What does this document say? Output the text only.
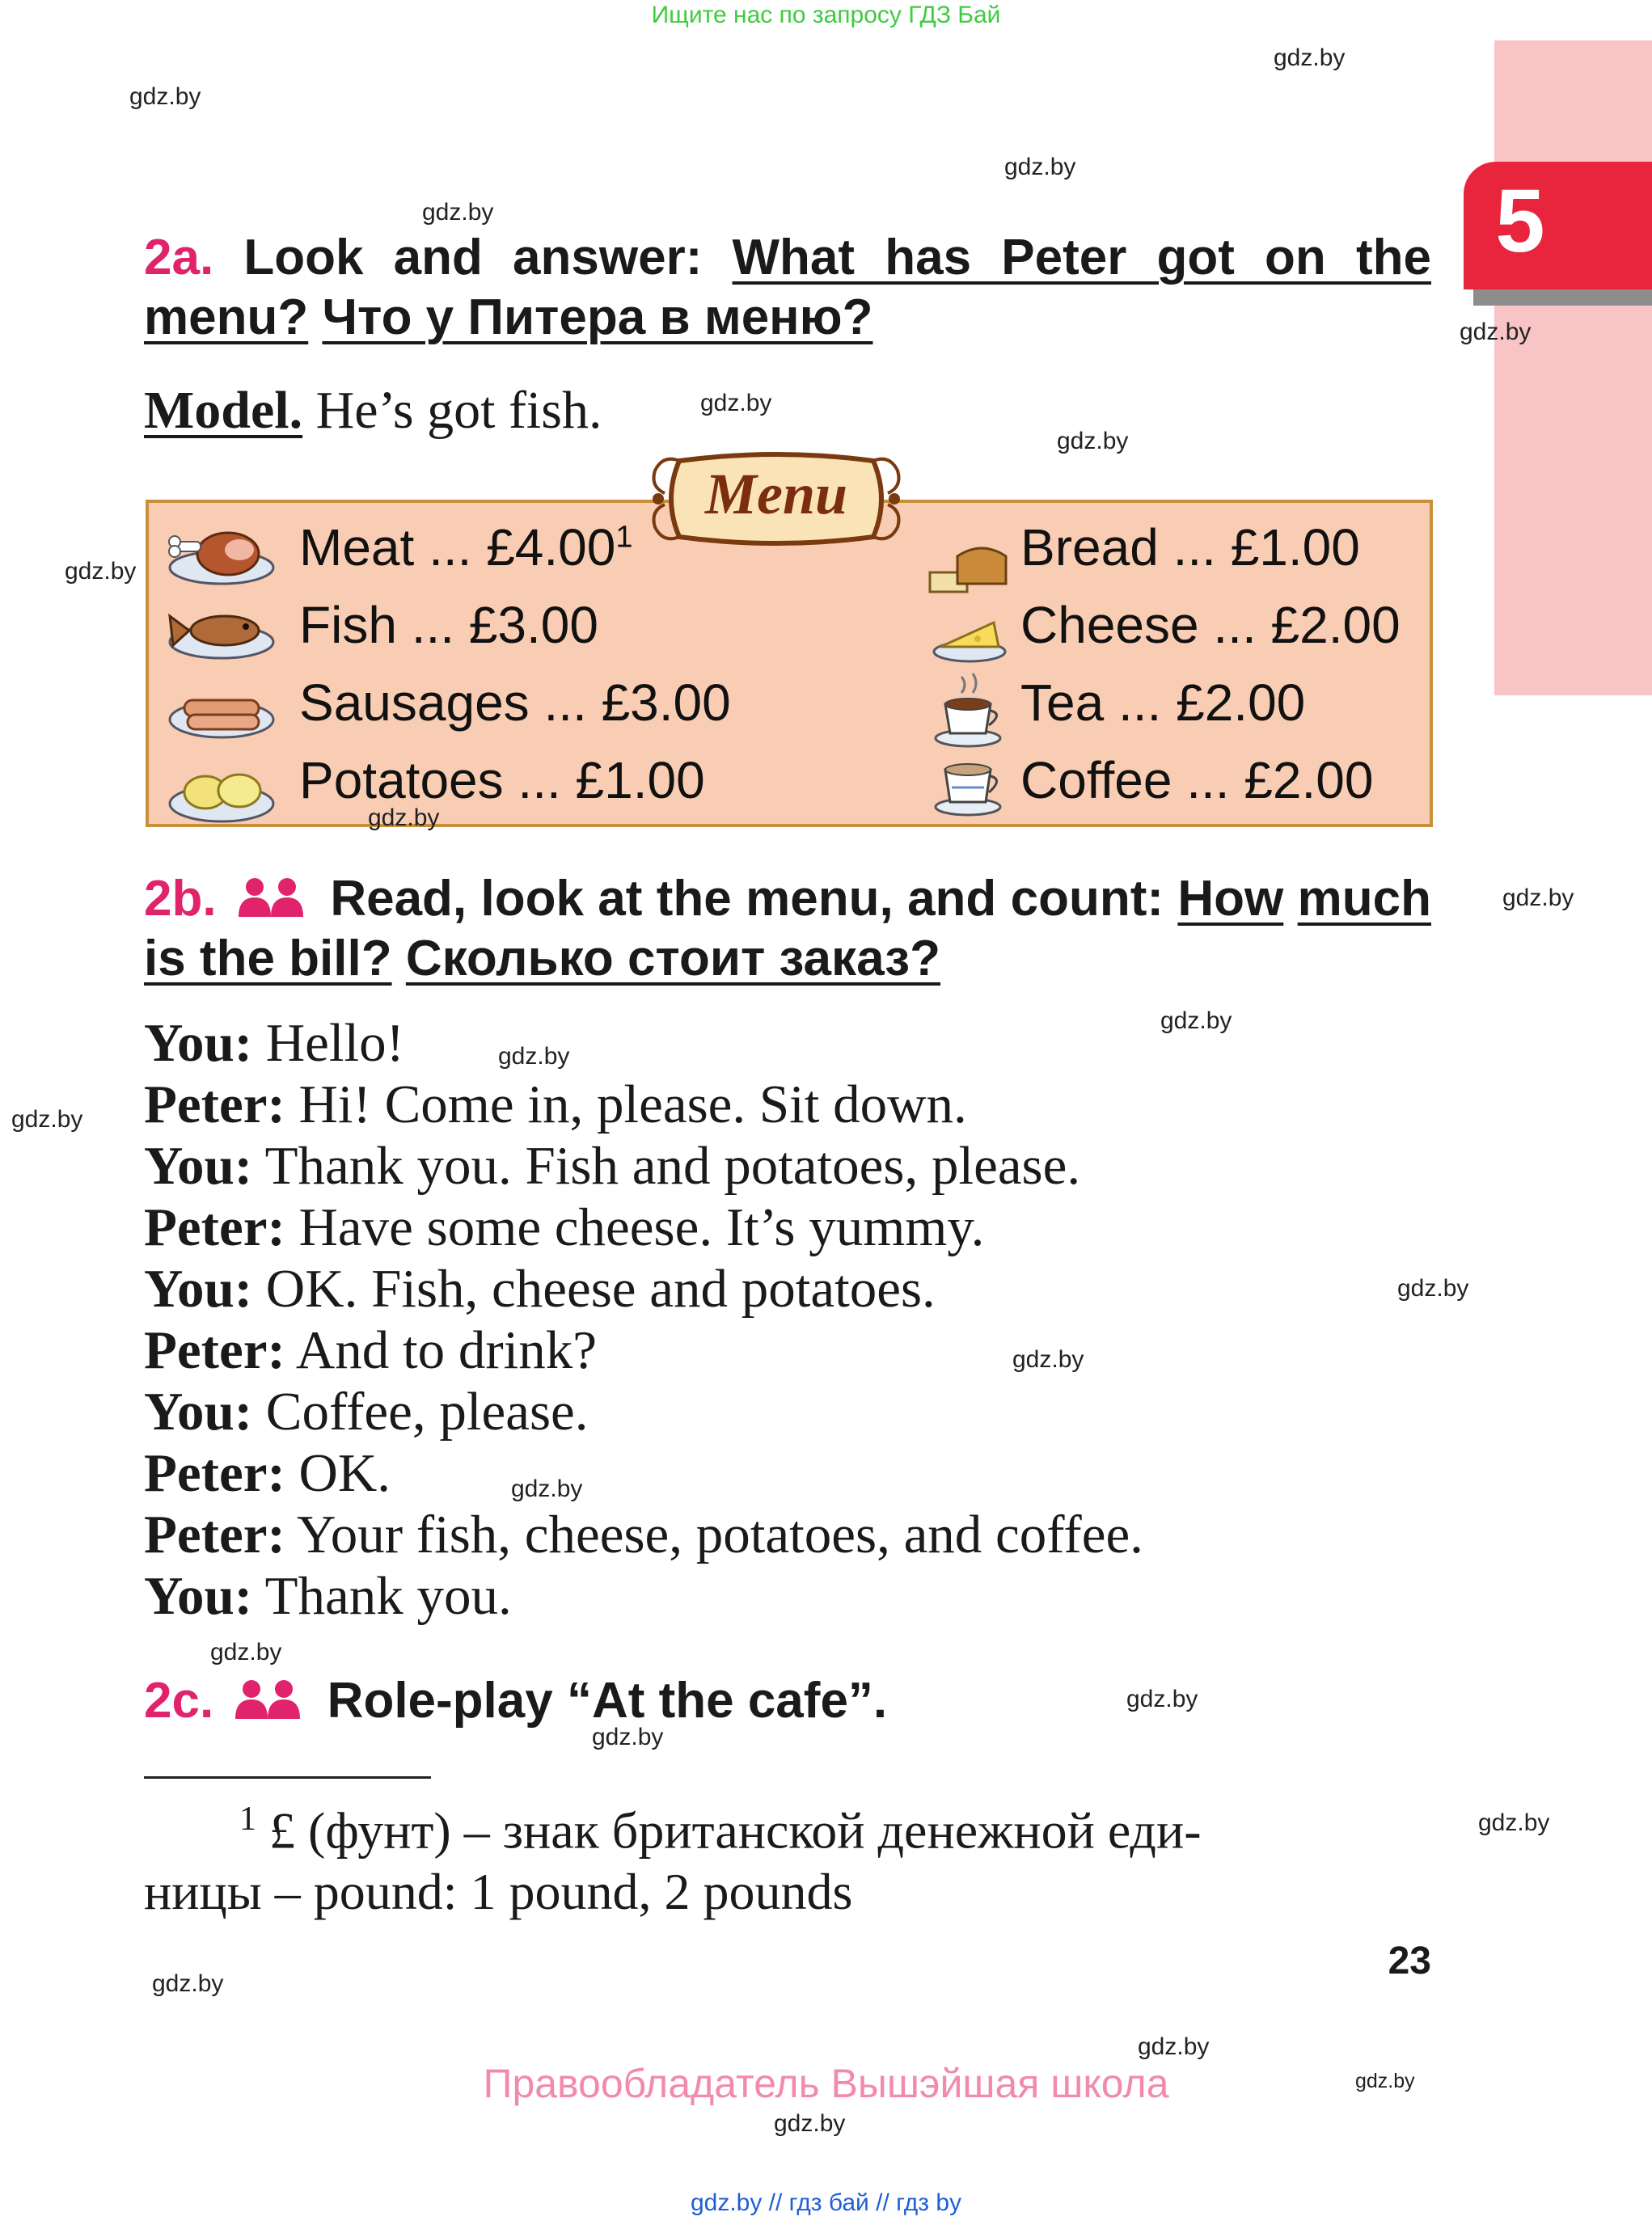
Ищите нас по запросу ГДЗ Бай
5
2a. Look and answer: What has Peter got on the menu? Что у Питера в меню?
Model. He’s got fish.
Meat ... £4.00$^1$
Fish ... £3.00
Sausages ... £3.00
Potatoes ... £1.00
Bread ... £1.00
Cheese ... £2.00
Tea ... £2.00
Coffee ... £2.00
Menu
2b. Read, look at the menu, and count: How much is the bill? Сколько стоит заказ?
You: Hello!
Peter: Hi! Come in, please. Sit down.
You: Thank you. Fish and potatoes, please.
Peter: Have some cheese. It’s yummy.
You: OK. Fish, cheese and potatoes.
Peter: And to drink?
You: Coffee, please.
Peter: OK.
Peter: Your fish, cheese, potatoes, and coffee.
You: Thank you.
2c. Role-play “At the cafe”.
$^1$ £ (фунт) – знак британской денежной еди-
ницы – pound: 1 pound, 2 pounds
23
Правообладатель Вышэйшая школа
gdz.by // гдз бай // гдз by
gdz.by
gdz.by
gdz.by
gdz.by
gdz.by
gdz.by
gdz.by
gdz.by
gdz.by
gdz.by
gdz.by
gdz.by
gdz.by
gdz.by
gdz.by
gdz.by
gdz.by
gdz.by
gdz.by
gdz.by
gdz.by
gdz.by
gdz.by
gdz.by
